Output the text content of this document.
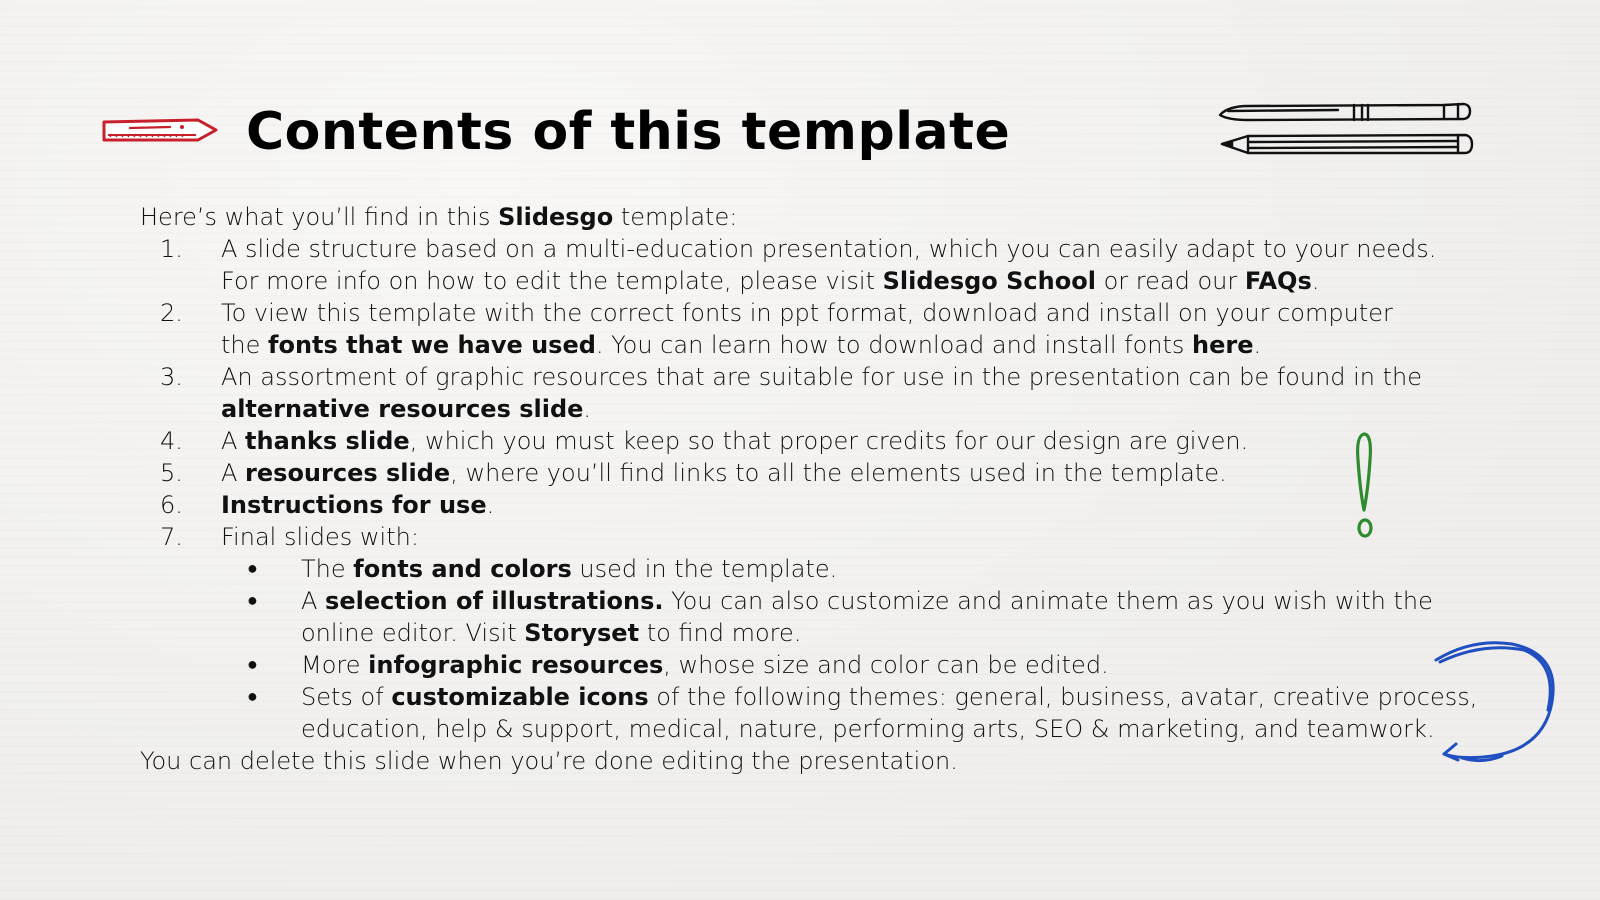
Contents of this template

Here’s what you’ll find in this Slidesgo template:

1.	A slide structure based on a multi-education presentation, which you can easily adapt to your needs.

For more info on how to edit the template, please visit Slidesgo School or read our FAQs.

2.	To view this template with the correct fonts in ppt format, download and install on your computer

the fonts that we have used. You can learn how to download and install fonts here.

3.	An assortment of graphic resources that are suitable for use in the presentation can be found in the

alternative resources slide.

4.	A thanks slide, which you must keep so that proper credits for our design are given.

5.	A resources slide, where you’ll find links to all the elements used in the template.

6.	Instructions for use.

7.	Final slides with:

● The fonts and colors used in the template.

● A selection of illustrations. You can also customize and animate them as you wish with the

online editor. Visit Storyset to find more.

● More infographic resources, whose size and color can be edited.

● Sets of customizable icons of the following themes: general, business, avatar, creative process,

education, help & support, medical, nature, performing arts, SEO & marketing, and teamwork.

You can delete this slide when you’re done editing the presentation.
